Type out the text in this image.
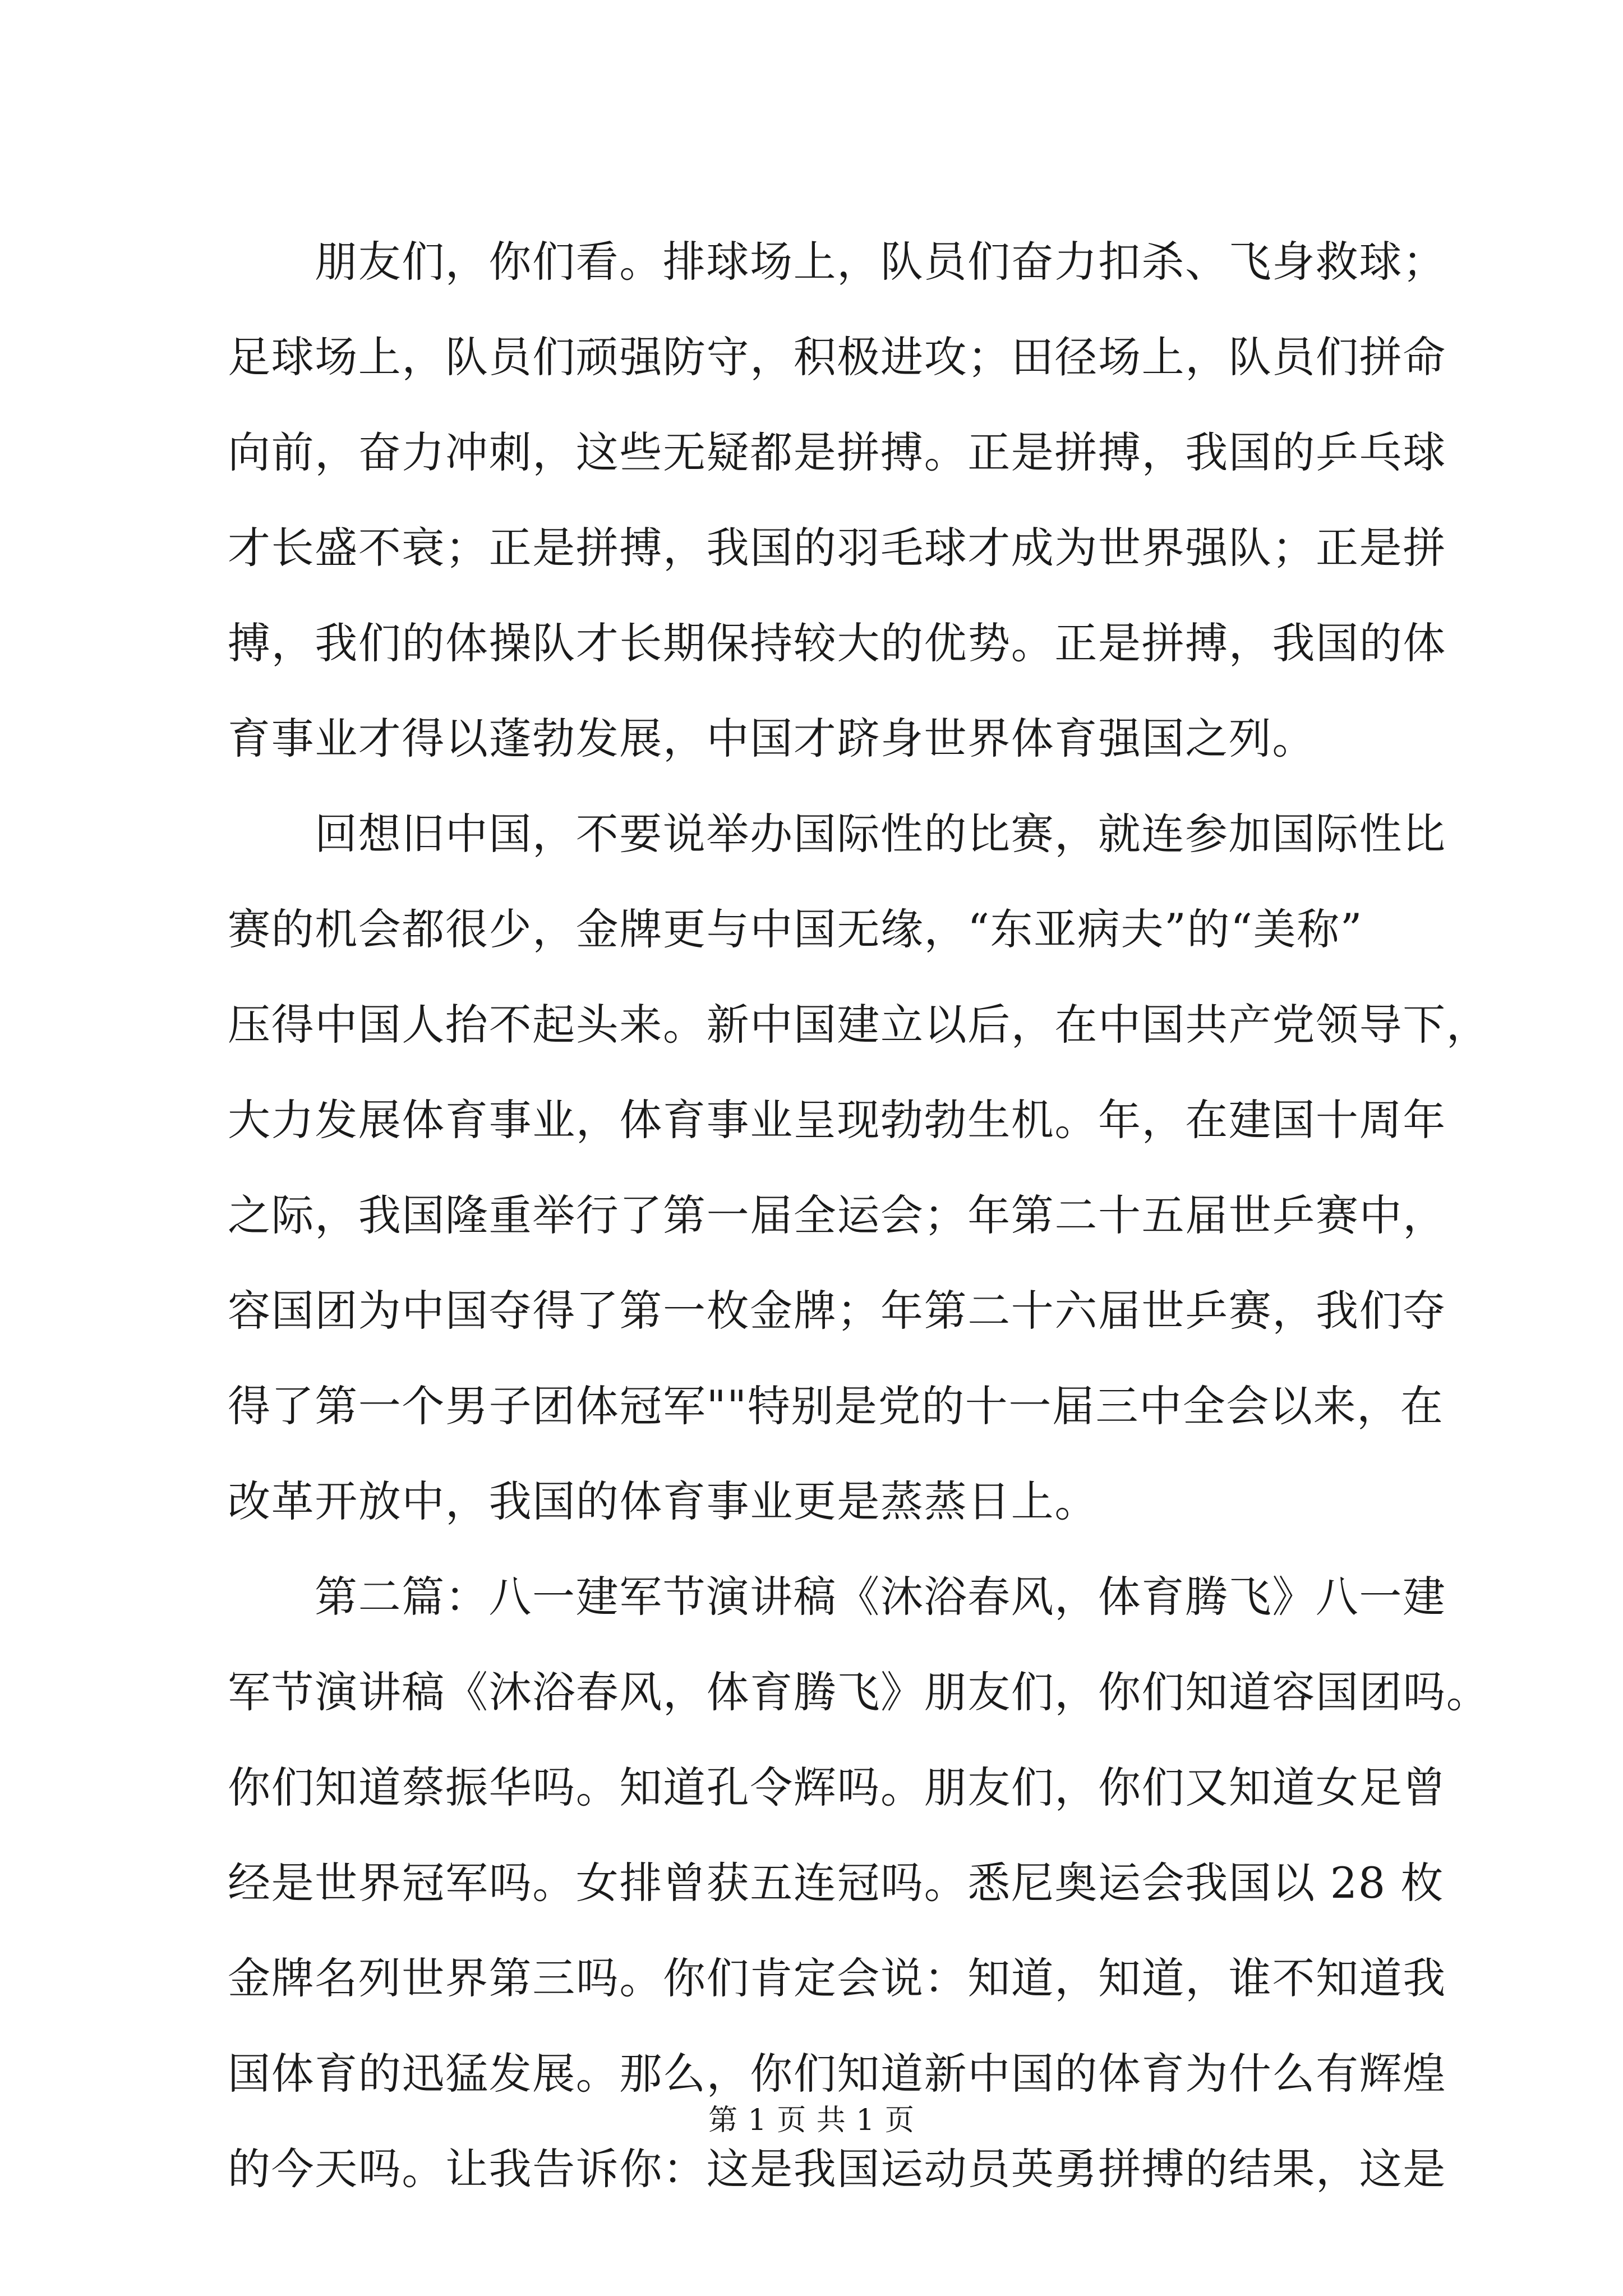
朋友们，你们看。排球场上，队员们奋力扣杀、飞身救球；
足球场上，队员们顽强防守，积极进攻；田径场上，队员们拼命
向前，奋力冲刺，这些无疑都是拼搏。正是拼搏，我国的乒乓球
才长盛不衰；正是拼搏，我国的羽毛球才成为世界强队；正是拼
搏，我们的体操队才长期保持较大的优势。正是拼搏，我国的体
育事业才得以蓬勃发展，中国才跻身世界体育强国之列。
回想旧中国，不要说举办国际性的比赛，就连参加国际性比
赛的机会都很少，金牌更与中国无缘，“东亚病夫”的“美称”
压得中国人抬不起头来。新中国建立以后，在中国共产党领导下，
大力发展体育事业，体育事业呈现勃勃生机。年，在建国十周年
之际，我国隆重举行了第一届全运会；年第二十五届世乒赛中，
容国团为中国夺得了第一枚金牌；年第二十六届世乒赛，我们夺
得了第一个男子团体冠军""特别是党的十一届三中全会以来，在
改革开放中，我国的体育事业更是蒸蒸日上。
第二篇：八一建军节演讲稿《沐浴春风，体育腾飞》八一建
军节演讲稿《沐浴春风，体育腾飞》朋友们，你们知道容国团吗。
你们知道蔡振华吗。知道孔令辉吗。朋友们，你们又知道女足曾
经是世界冠军吗。女排曾获五连冠吗。悉尼奥运会我国以 28 枚
金牌名列世界第三吗。你们肯定会说：知道，知道，谁不知道我
国体育的迅猛发展。那么，你们知道新中国的体育为什么有辉煌
的今天吗。让我告诉你：这是我国运动员英勇拼搏的结果，这是
第 1 页 共 1 页
